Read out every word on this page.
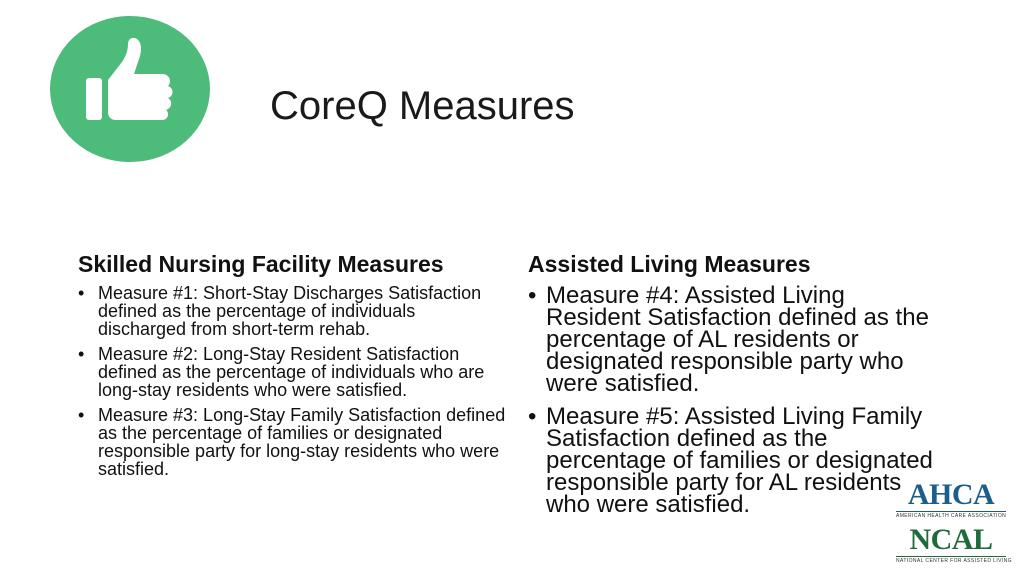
CoreQ Measures
Skilled Nursing Facility Measures
• Measure #1: Short-Stay Discharges Satisfaction defined as the percentage of individuals discharged from short-term rehab.
• Measure #2: Long-Stay Resident Satisfaction defined as the percentage of individuals who are long-stay residents who were satisfied.
• Measure #3: Long-Stay Family Satisfaction defined as the percentage of families or designated responsible party for long-stay residents who were satisfied.
Assisted Living Measures
• Measure #4: Assisted Living Resident Satisfaction defined as the percentage of AL residents or designated responsible party who were satisfied.
• Measure #5: Assisted Living Family Satisfaction defined as the percentage of families or designated responsible party for AL residents who were satisfied.	AHCA
AMERICAN HEALTH CARE ASSOCIATION
NCAL
NATIONAL CENTER FOR ASSISTED LIVING
